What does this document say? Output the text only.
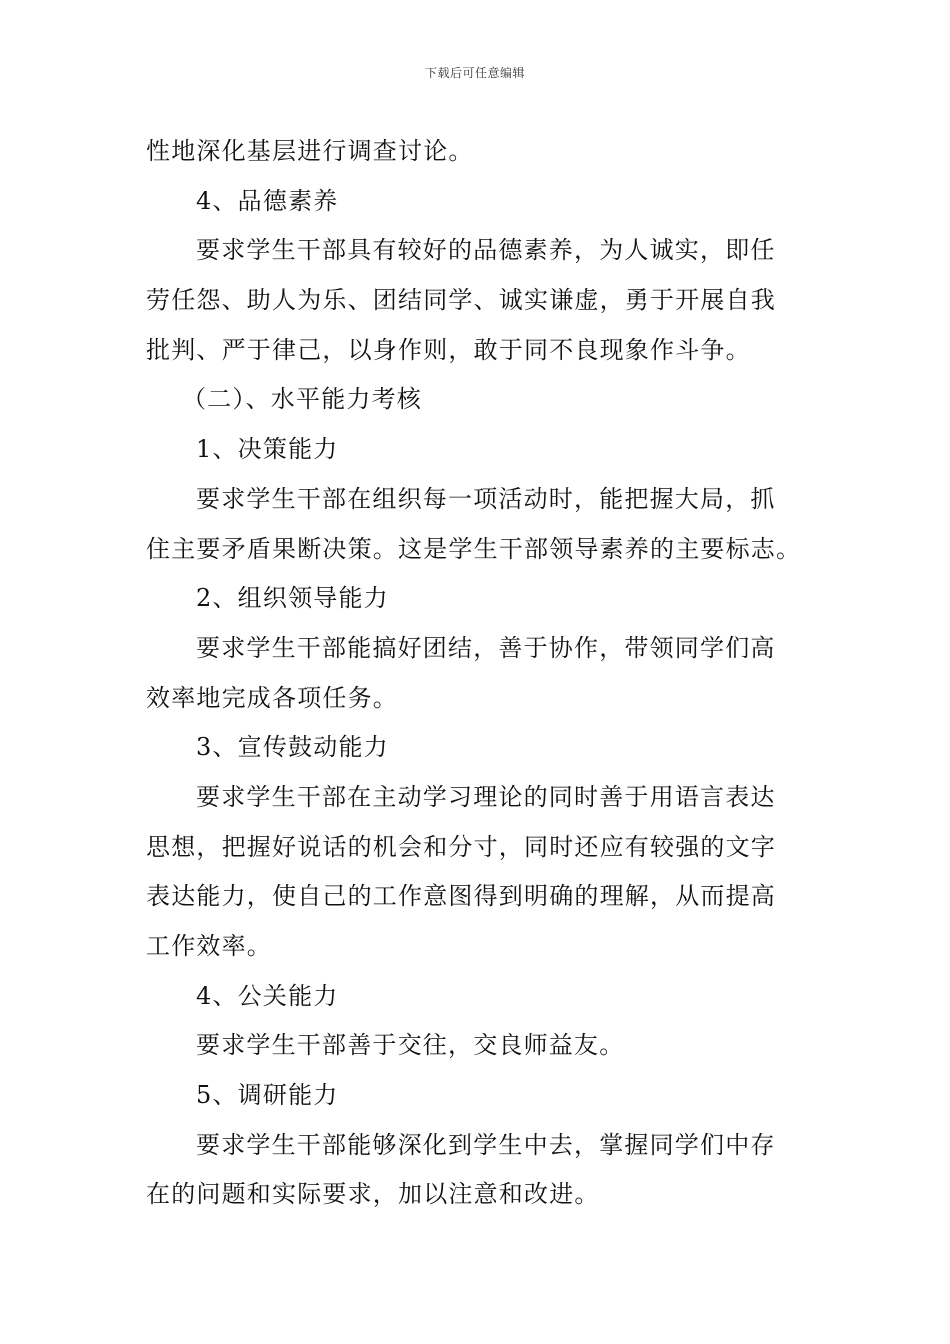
下载后可任意编辑
性地深化基层进行调查讨论。
4、品德素养
要求学生干部具有较好的品德素养，为人诚实，即任
劳任怨、助人为乐、团结同学、诚实谦虚，勇于开展自我
批判、严于律己，以身作则，敢于同不良现象作斗争。
（二）、水平能力考核
1、决策能力
要求学生干部在组织每一项活动时，能把握大局，抓
住主要矛盾果断决策。这是学生干部领导素养的主要标志。
2、组织领导能力
要求学生干部能搞好团结，善于协作，带领同学们高
效率地完成各项任务。
3、宣传鼓动能力
要求学生干部在主动学习理论的同时善于用语言表达
思想，把握好说话的机会和分寸，同时还应有较强的文字
表达能力，使自己的工作意图得到明确的理解，从而提高
工作效率。
4、公关能力
要求学生干部善于交往，交良师益友。
5、调研能力
要求学生干部能够深化到学生中去，掌握同学们中存
在的问题和实际要求，加以注意和改进。
